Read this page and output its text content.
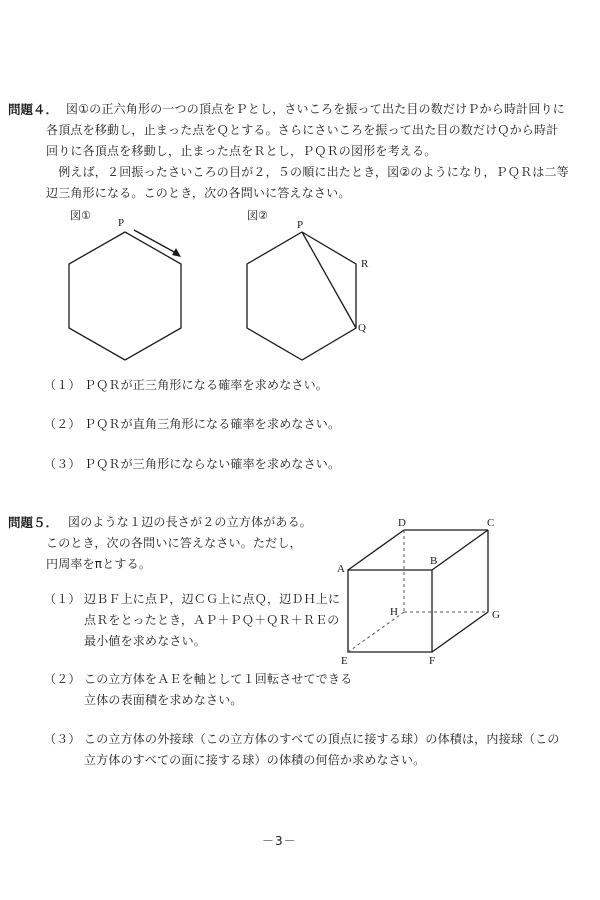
問題４． 図①の正六角形の一つの頂点をＰとし，さいころを振って出た目の数だけＰから時計回りに
各頂点を移動し，止まった点をＱとする。さらにさいころを振って出た目の数だけＱから時計
回りに各頂点を移動し，止まった点をＲとし，ＰＱＲの図形を考える。
　例えば，２回振ったさいころの目が２，５の順に出たとき，図②のようになり，ＰＱＲは二等
辺三角形になる。このとき，次の各問いに答えなさい。
図①
P
図②
P
R
Q
（１） ＰＱＲが正三角形になる確率を求めなさい。
（２） ＰＱＲが直角三角形になる確率を求めなさい。
（３） ＰＱＲが三角形にならない確率を求めなさい。
問題５． 図のような１辺の長さが２の立方体がある。
このとき，次の各問いに答えなさい。ただし，
円周率をπとする。
（１） 辺ＢＦ上に点Ｐ，辺ＣＧ上に点Ｑ，辺ＤＨ上に
点Ｒをとったとき，ＡＰ＋ＰＱ＋ＱＲ＋ＲＥの
最小値を求めなさい。
（２） この立方体をＡＥを軸として１回転させてできる
立体の表面積を求めなさい。
（３） この立方体の外接球（この立方体のすべての頂点に接する球）の体積は，内接球（この
立方体のすべての面に接する球）の体積の何倍か求めなさい。
A
B
C
D
E	F
G
H
－3－
